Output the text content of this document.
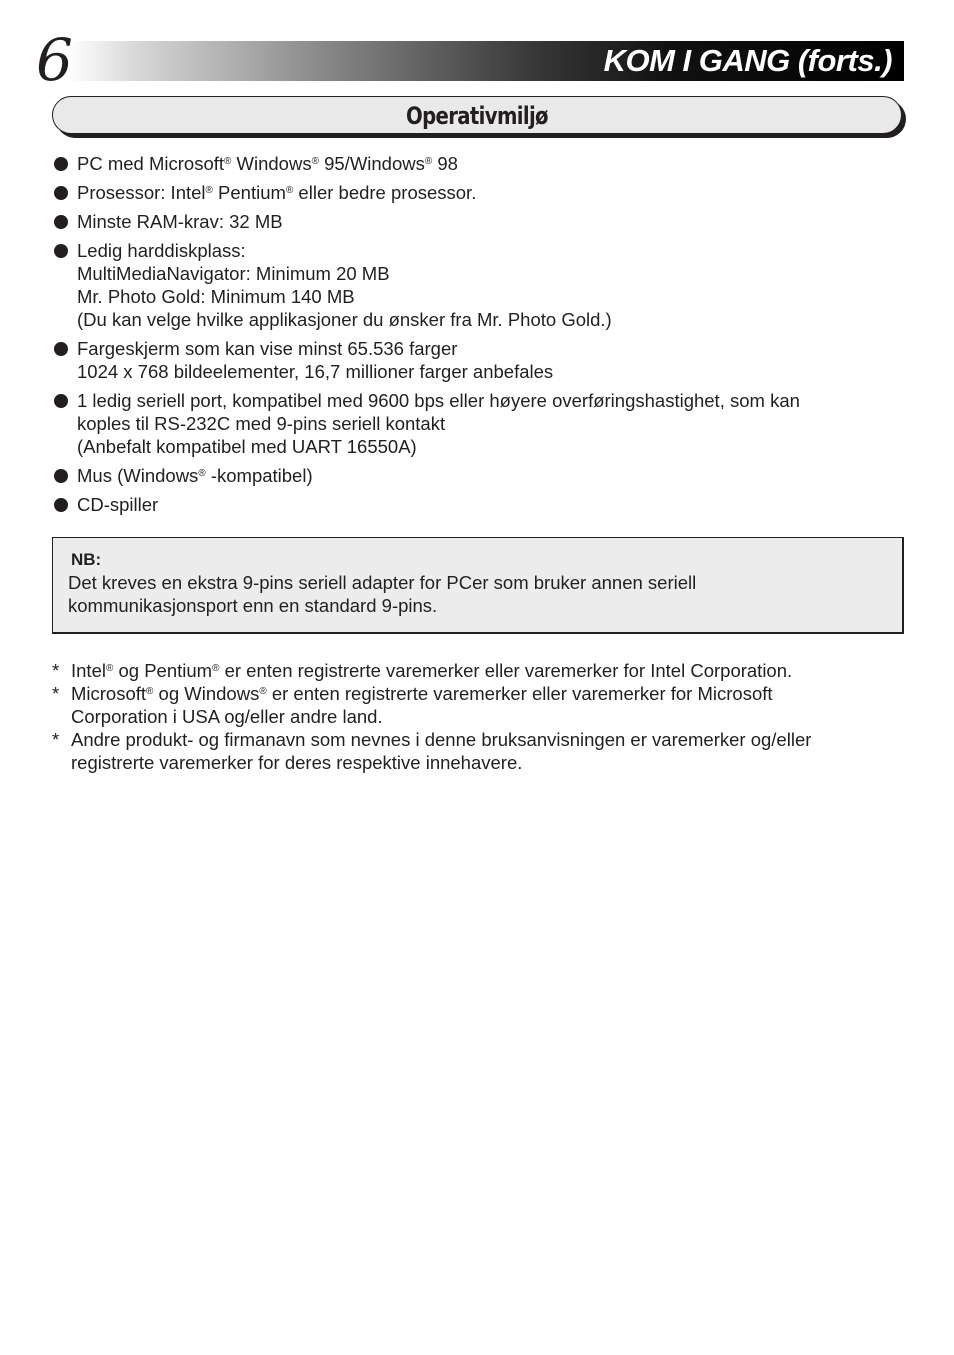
6	KOM I GANG (forts.)
Operativmiljø
PC med Microsoft® Windows® 95/Windows® 98
Prosessor: Intel® Pentium® eller bedre prosessor.
Minste RAM-krav: 32 MB
Ledig harddiskplass:
MultiMediaNavigator: Minimum 20 MB
Mr. Photo Gold: Minimum 140 MB
(Du kan velge hvilke applikasjoner du ønsker fra Mr. Photo Gold.)
Fargeskjerm som kan vise minst 65.536 farger
1024 x 768 bildeelementer, 16,7 millioner farger anbefales
1 ledig seriell port, kompatibel med 9600 bps eller høyere overføringshastighet, som kan
koples til RS-232C med 9-pins seriell kontakt
(Anbefalt kompatibel med UART 16550A)
Mus (Windows® -kompatibel)
CD-spiller
NB:
Det kreves en ekstra 9-pins seriell adapter for PCer som bruker annen seriell
kommunikasjonsport enn en standard 9-pins.
* Intel® og Pentium® er enten registrerte varemerker eller varemerker for Intel Corporation.
* Microsoft® og Windows® er enten registrerte varemerker eller varemerker for Microsoft
Corporation i USA og/eller andre land.
* Andre produkt- og firmanavn som nevnes i denne bruksanvisningen er varemerker og/eller
registrerte varemerker for deres respektive innehavere.
